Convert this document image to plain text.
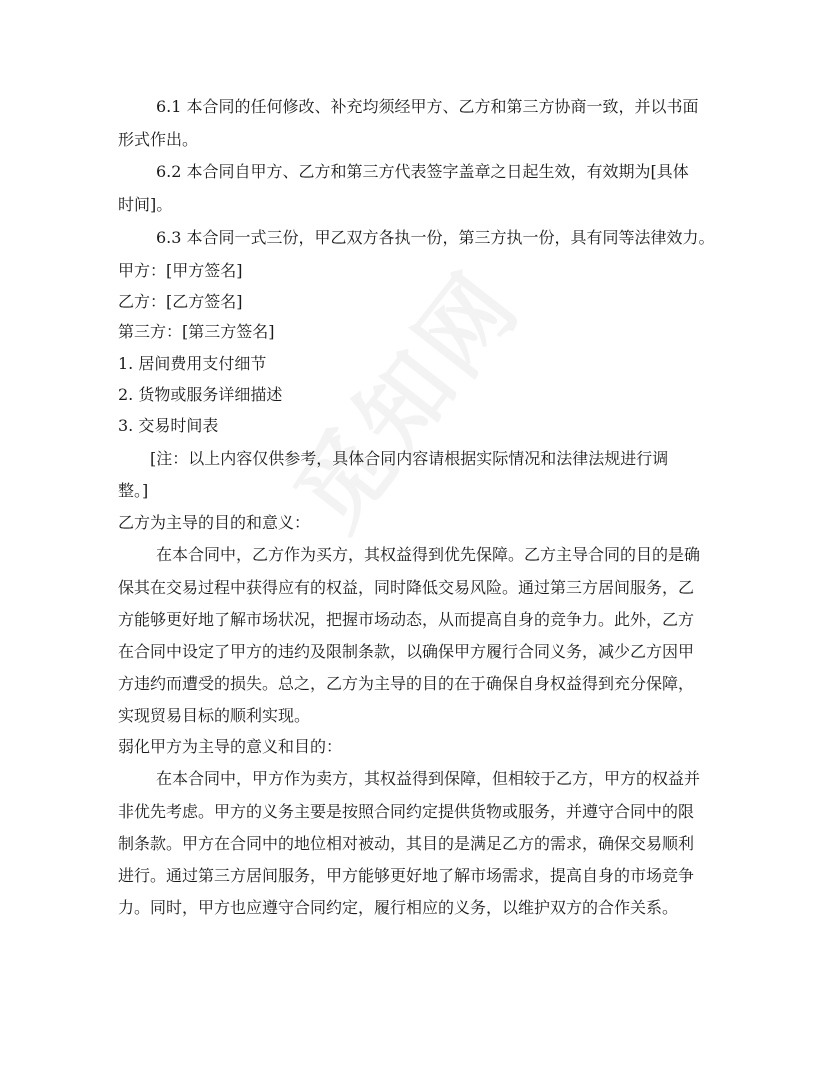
6.1 本合同的任何修改、补充均须经甲方、乙方和第三方协商一致，并以书面
形式作出。
6.2 本合同自甲方、乙方和第三方代表签字盖章之日起生效，有效期为[具体
时间]。
6.3 本合同一式三份，甲乙双方各执一份，第三方执一份，具有同等法律效力。
甲方：[甲方签名]
乙方：[乙方签名]
第三方：[第三方签名]
1. 居间费用支付细节
2. 货物或服务详细描述
3. 交易时间表
[注：以上内容仅供参考，具体合同内容请根据实际情况和法律法规进行调
整。]
乙方为主导的目的和意义：
在本合同中，乙方作为买方，其权益得到优先保障。乙方主导合同的目的是确
保其在交易过程中获得应有的权益，同时降低交易风险。通过第三方居间服务，乙
方能够更好地了解市场状况，把握市场动态，从而提高自身的竞争力。此外，乙方
在合同中设定了甲方的违约及限制条款，以确保甲方履行合同义务，减少乙方因甲
方违约而遭受的损失。总之，乙方为主导的目的在于确保自身权益得到充分保障，
实现贸易目标的顺利实现。
弱化甲方为主导的意义和目的：
在本合同中，甲方作为卖方，其权益得到保障，但相较于乙方，甲方的权益并
非优先考虑。甲方的义务主要是按照合同约定提供货物或服务，并遵守合同中的限
制条款。甲方在合同中的地位相对被动，其目的是满足乙方的需求，确保交易顺利
进行。通过第三方居间服务，甲方能够更好地了解市场需求，提高自身的市场竞争
力。同时，甲方也应遵守合同约定，履行相应的义务，以维护双方的合作关系。
